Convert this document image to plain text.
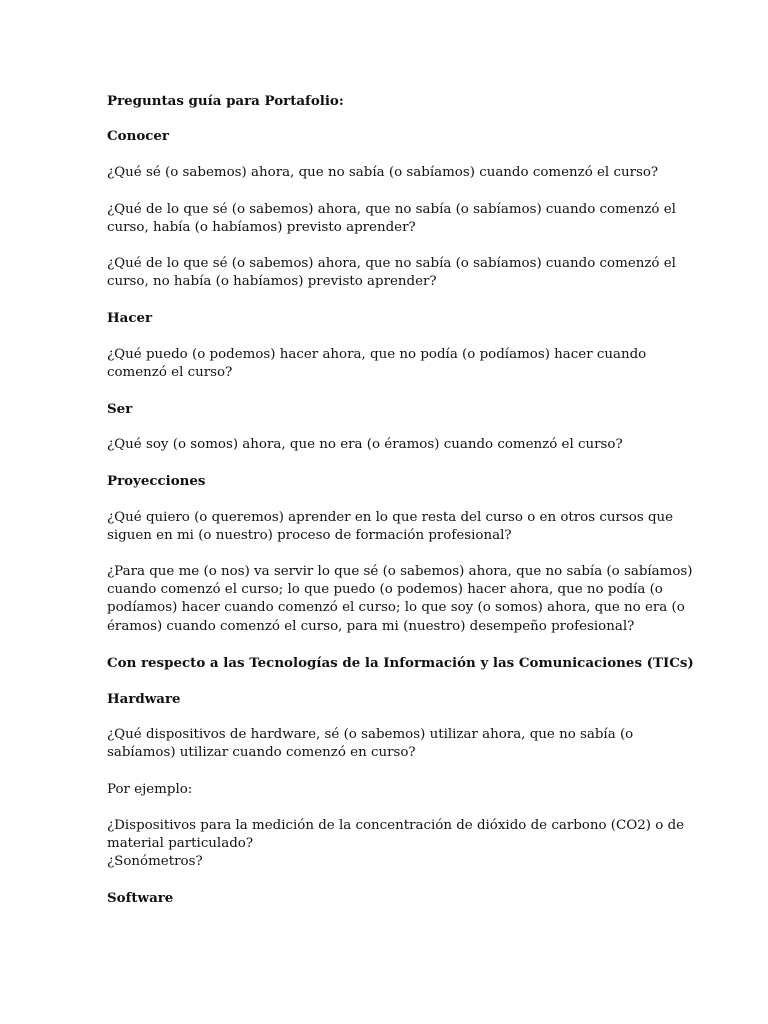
Preguntas guía para Portafolio:

Conocer

¿Qué sé (o sabemos) ahora, que no sabía (o sabíamos) cuando comenzó el curso?

¿Qué de lo que sé (o sabemos) ahora, que no sabía (o sabíamos) cuando comenzó el
curso, había (o habíamos) previsto aprender?

¿Qué de lo que sé (o sabemos) ahora, que no sabía (o sabíamos) cuando comenzó el
curso, no había (o habíamos) previsto aprender?

Hacer

¿Qué puedo (o podemos) hacer ahora, que no podía (o podíamos) hacer cuando
comenzó el curso?

Ser

¿Qué soy (o somos) ahora, que no era (o éramos) cuando comenzó el curso?

Proyecciones

¿Qué quiero (o queremos) aprender en lo que resta del curso o en otros cursos que
siguen en mi (o nuestro) proceso de formación profesional?

¿Para que me (o nos) va servir lo que sé (o sabemos) ahora, que no sabía (o sabíamos)
cuando comenzó el curso; lo que puedo (o podemos) hacer ahora, que no podía (o
podíamos) hacer cuando comenzó el curso; lo que soy (o somos) ahora, que no era (o
éramos) cuando comenzó el curso, para mi (nuestro) desempeño profesional?

Con respecto a las Tecnologías de la Información y las Comunicaciones (TICs)

Hardware

¿Qué dispositivos de hardware, sé (o sabemos) utilizar ahora, que no sabía (o
sabíamos) utilizar cuando comenzó en curso?

Por ejemplo:

¿Dispositivos para la medición de la concentración de dióxido de carbono (CO2) o de
material particulado?
¿Sonómetros?

Software
